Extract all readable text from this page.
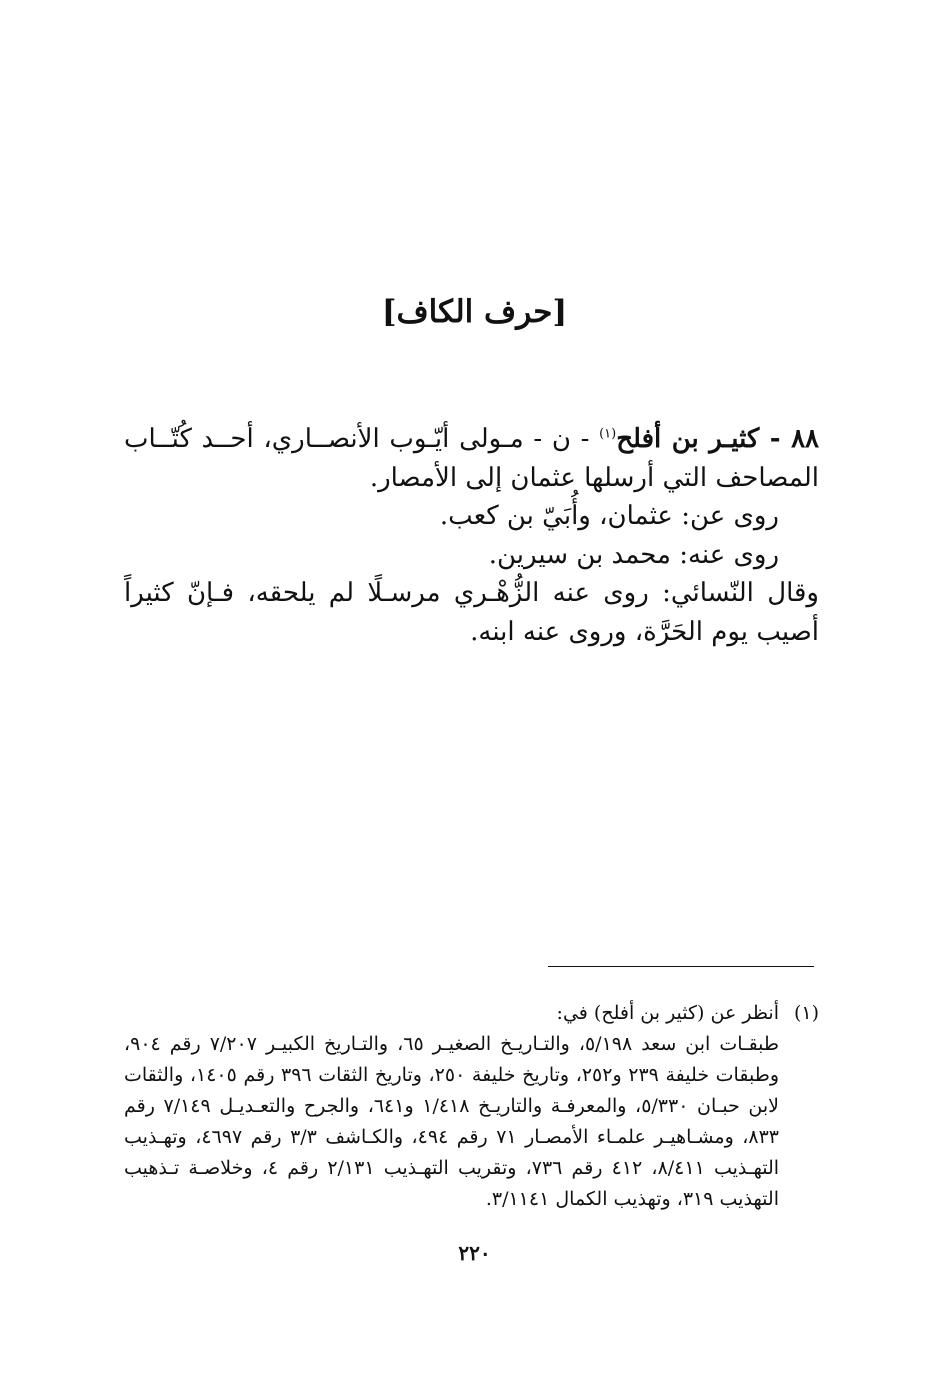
[حرف الكاف]

٨٨ - كثيـر بن أفلح$^{(١)}$ - ن - مـولى أيّـوب الأنصــاري، أحــد كُتّــاب المصاحف التي أرسلها عثمان إلى الأمصار.

روى عن: عثمان، وأُبَيّ بن كعب.

روى عنه: محمد بن سيرين.

وقال النّسائي: روى عنه الزُّهْـري مرسـلًا لم يلحقه، فـإنّ كثيراً أصيب يوم الحَرَّة، وروى عنه ابنه.

(١)أنظر عن (كثير بن أفلح) في:

طبقـات ابن سعد ٥/١٩٨، والتـاريـخ الصغيـر ٦٥، والتـاريخ الكبيـر ٧/٢٠٧ رقم ٩٠٤، وطبقات خليفة ٢٣٩ و٢٥٢، وتاريخ خليفة ٢٥٠، وتاريخ الثقات ٣٩٦ رقم ١٤٠٥، والثقات لابن حبـان ٥/٣٣٠، والمعرفـة والتاريـخ ١/٤١٨ و٦٤١، والجرح والتعـديـل ٧/١٤٩ رقم ٨٣٣، ومشـاهيـر علمـاء الأمصـار ٧١ رقم ٤٩٤، والكـاشف ٣/٣ رقم ٤٦٩٧، وتهـذيب التهـذيب ٨/٤١١، ٤١٢ رقم ٧٣٦، وتقريب التهـذيب ٢/١٣١ رقم ٤، وخلاصـة تـذهيب التهذيب ٣١٩، وتهذيب الكمال ٣/١١٤١.

٢٢٠
